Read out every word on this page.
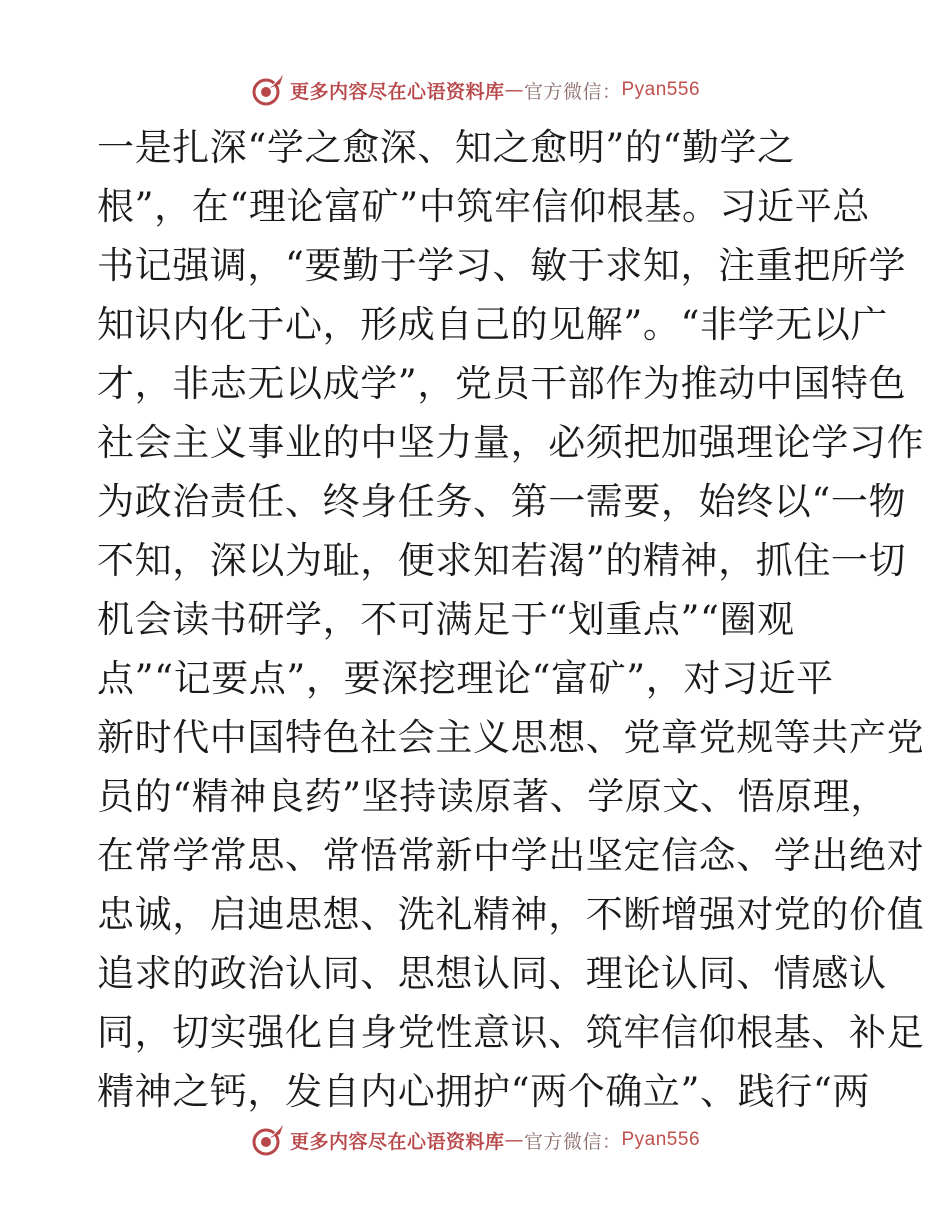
更多内容尽在心语资料库 — 官方微信： Pyan556
一是扎深“学之愈深、知之愈明”的“勤学之
根”，在“理论富矿”中筑牢信仰根基。习近平总
书记强调，“要勤于学习、敏于求知，注重把所学
知识内化于心，形成自己的见解”。“非学无以广
才，非志无以成学”，党员干部作为推动中国特色
社会主义事业的中坚力量，必须把加强理论学习作
为政治责任、终身任务、第一需要，始终以“一物
不知，深以为耻，便求知若渴”的精神，抓住一切
机会读书研学，不可满足于“划重点”“圈观
点”“记要点”，要深挖理论“富矿”，对习近平
新时代中国特色社会主义思想、党章党规等共产党
员的“精神良药”坚持读原著、学原文、悟原理，
在常学常思、常悟常新中学出坚定信念、学出绝对
忠诚，启迪思想、洗礼精神，不断增强对党的价值
追求的政治认同、思想认同、理论认同、情感认
同，切实强化自身党性意识、筑牢信仰根基、补足
精神之钙，发自内心拥护“两个确立”、践行“两
更多内容尽在心语资料库 — 官方微信： Pyan556
